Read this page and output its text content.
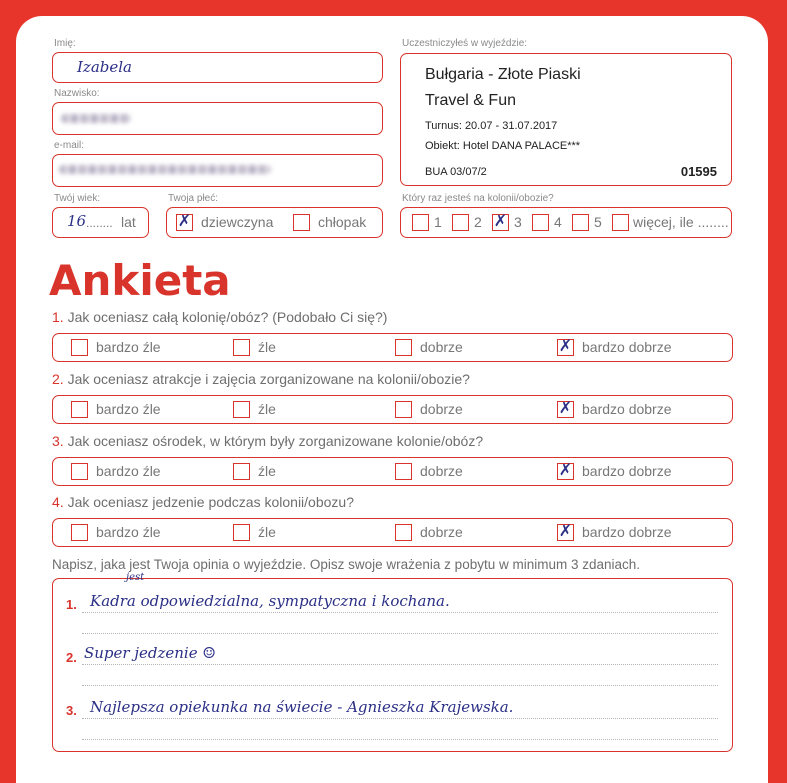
Imię:
Izabela
Nazwisko:
e-mail:
Twój wiek:
16 ........ lat
Twoja płeć:
✗ dziewczyna	chłopak
Uczestniczyłeś w wyjeździe:
Bułgaria - Złote Piaski
Travel & Fun
Turnus: 20.07 - 31.07.2017
Obiekt: Hotel DANA PALACE***
BUA 03/07/2	01595
Który raz jesteś na kolonii/obozie?
1 2 ✗ 3 4 5 więcej, ile ........
Ankieta
1. Jak oceniasz całą kolonię/obóz? (Podobało Ci się?)
bardzo źle	źle	dobrze	✗ bardzo dobrze
2. Jak oceniasz atrakcje i zajęcia zorganizowane na kolonii/obozie?
bardzo źle	źle	dobrze	✗ bardzo dobrze
3. Jak oceniasz ośrodek, w którym były zorganizowane kolonie/obóz?
bardzo źle	źle	dobrze	✗ bardzo dobrze
4. Jak oceniasz jedzenie podczas kolonii/obozu?
bardzo źle	źle	dobrze	✗ bardzo dobrze
Napisz, jaka jest Twoja opinia o wyjeździe. Opisz swoje wrażenia z pobytu w minimum 3 zdaniach.
1.
jest
Kadra odpowiedzialna, sympatyczna i kochana.
2. Super jedzenie ☺
3. Najlepsza opiekunka na świecie - Agnieszka Krajewska.
